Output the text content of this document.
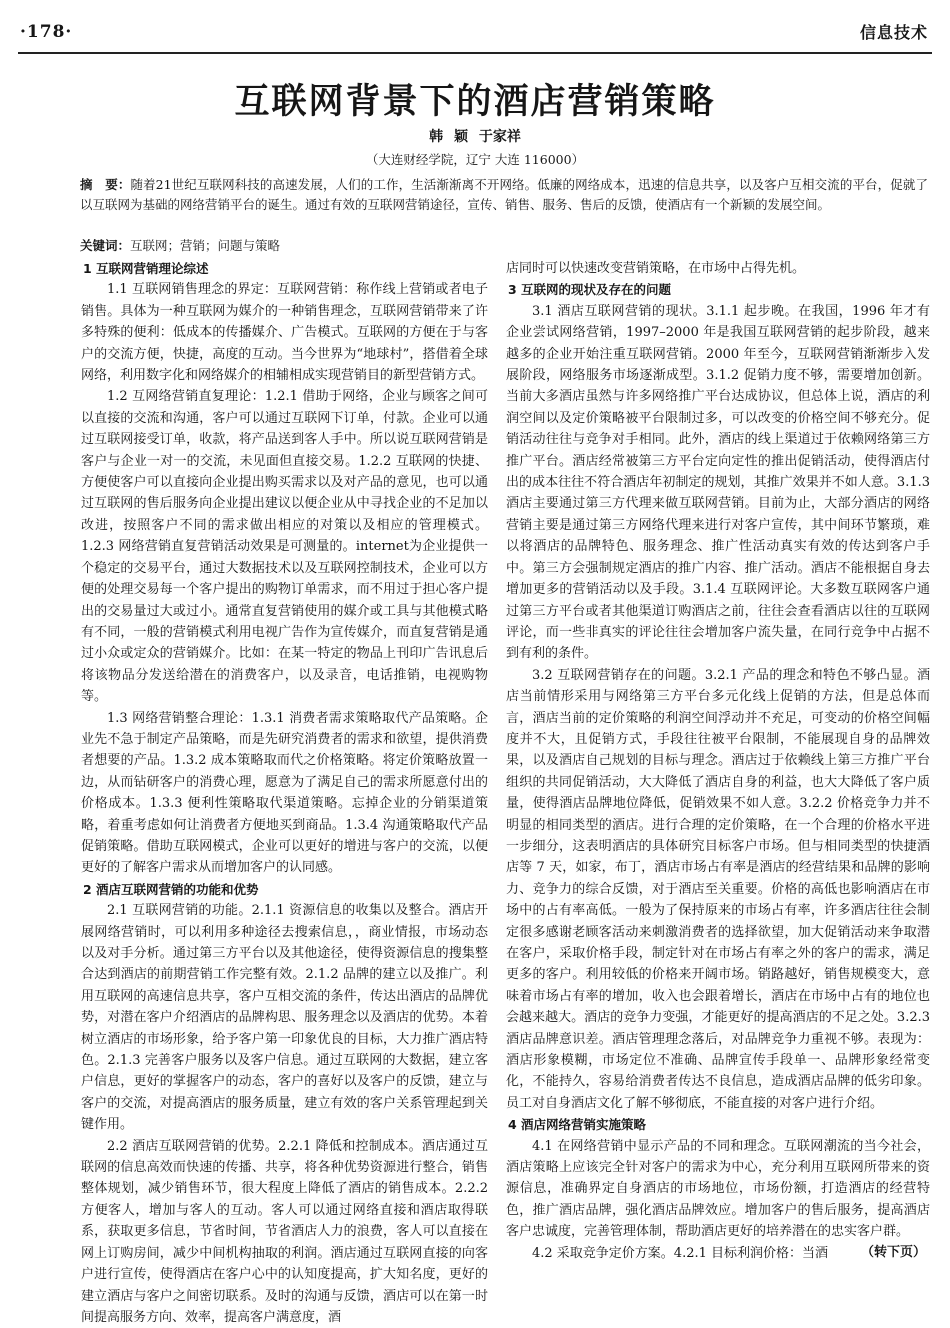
·178·	信息技术
互联网背景下的酒店营销策略
韩 颖 于家祥
（大连财经学院，辽宁 大连 116000）
摘　要：随着21世纪互联网科技的高速发展，人们的工作，生活渐渐离不开网络。低廉的网络成本，迅速的信息共享，以及客户互相交流的平台，促就了以互联网为基础的网络营销平台的诞生。通过有效的互联网营销途径，宣传、销售、服务、售后的反馈，使酒店有一个新颖的发展空间。
关键词：互联网；营销；问题与策略
1 互联网营销理论综述

1.1 互联网销售理念的界定：互联网营销：称作线上营销或者电子销售。具体为一种互联网为媒介的一种销售理念，互联网营销带来了许多特殊的便利：低成本的传播媒介、广告模式。互联网的方便在于与客户的交流方便，快捷，高度的互动。当今世界为“地球村”，搭借着全球网络，利用数字化和网络媒介的相辅相成实现营销目的新型营销方式。

1.2 互网络营销直复理论：1.2.1 借助于网络，企业与顾客之间可以直接的交流和沟通，客户可以通过互联网下订单，付款。企业可以通过互联网接受订单，收款，将产品送到客人手中。所以说互联网营销是客户与企业一对一的交流，未见面但直接交易。1.2.2 互联网的快捷、方便使客户可以直接向企业提出购买需求以及对产品的意见，也可以通过互联网的售后服务向企业提出建议以便企业从中寻找企业的不足加以改进，按照客户不同的需求做出相应的对策以及相应的管理模式。1.2.3 网络营销直复营销活动效果是可测量的。internet为企业提供一个稳定的交易平台，通过大数据技术以及互联网控制技术，企业可以方便的处理交易每一个客户提出的购物订单需求，而不用过于担心客户提出的交易量过大或过小。通常直复营销使用的媒介或工具与其他模式略有不同，一般的营销模式利用电视广告作为宣传媒介，而直复营销是通过小众或定众的营销媒介。比如：在某一特定的物品上刊印广告讯息后将该物品分发送给潜在的消费客户，以及录音，电话推销，电视购物等。

1.3 网络营销整合理论：1.3.1 消费者需求策略取代产品策略。企业先不急于制定产品策略，而是先研究消费者的需求和欲望，提供消费者想要的产品。1.3.2 成本策略取而代之价格策略。将定价策略放置一边，从而钻研客户的消费心理，愿意为了满足自己的需求所愿意付出的价格成本。1.3.3 便利性策略取代渠道策略。忘掉企业的分销渠道策略，着重考虑如何让消费者方便地买到商品。1.3.4 沟通策略取代产品促销策略。借助互联网模式，企业可以更好的增进与客户的交流，以便更好的了解客户需求从而增加客户的认同感。

2 酒店互联网营销的功能和优势

2.1 互联网营销的功能。2.1.1 资源信息的收集以及整合。酒店开展网络营销时，可以利用多种途径去搜索信息，，商业情报，市场动态以及对手分析。通过第三方平台以及其他途径，使得资源信息的搜集整合达到酒店的前期营销工作完整有效。2.1.2 品牌的建立以及推广。利用互联网的高速信息共享，客户互相交流的条件，传达出酒店的品牌优势，对潜在客户介绍酒店的品牌构思、服务理念以及酒店的优势。本着树立酒店的市场形象，给予客户第一印象优良的目标，大力推广酒店特色。2.1.3 完善客户服务以及客户信息。通过互联网的大数据，建立客户信息，更好的掌握客户的动态，客户的喜好以及客户的反馈，建立与客户的交流，对提高酒店的服务质量，建立有效的客户关系管理起到关键作用。

2.2 酒店互联网营销的优势。2.2.1 降低和控制成本。酒店通过互联网的信息高效而快速的传播、共享，将各种优势资源进行整合，销售整体规划，减少销售环节，很大程度上降低了酒店的销售成本。2.2.2 方便客人，增加与客人的互动。客人可以通过网络直接和酒店取得联系，获取更多信息，节省时间，节省酒店人力的浪费，客人可以直接在网上订购房间，减少中间机构抽取的利润。酒店通过互联网直接的向客户进行宣传，使得酒店在客户心中的认知度提高，扩大知名度，更好的建立酒店与客户之间密切联系。及时的沟通与反馈，酒店可以在第一时间提高服务方向、效率，提高客户满意度，酒

店同时可以快速改变营销策略，在市场中占得先机。

3 互联网的现状及存在的问题

3.1 酒店互联网营销的现状。3.1.1 起步晚。在我国，1996 年才有企业尝试网络营销，1997–2000 年是我国互联网营销的起步阶段，越来越多的企业开始注重互联网营销。2000 年至今，互联网营销渐渐步入发展阶段，网络服务市场逐渐成型。3.1.2 促销力度不够，需要增加创新。当前大多酒店虽然与许多网络推广平台达成协议，但总体上说，酒店的利润空间以及定价策略被平台限制过多，可以改变的价格空间不够充分。促销活动往往与竞争对手相同。此外，酒店的线上渠道过于依赖网络第三方推广平台。酒店经常被第三方平台定向定性的推出促销活动，使得酒店付出的成本往往不符合酒店年初制定的规划，其推广效果并不如人意。3.1.3 酒店主要通过第三方代理来做互联网营销。目前为止，大部分酒店的网络营销主要是通过第三方网络代理来进行对客户宣传，其中间环节繁琐，难以将酒店的品牌特色、服务理念、推广性活动真实有效的传达到客户手中。第三方会强制规定酒店的推广内容、推广活动。酒店不能根据自身去增加更多的营销活动以及手段。3.1.4 互联网评论。大多数互联网客户通过第三方平台或者其他渠道订购酒店之前，往往会查看酒店以往的互联网评论，而一些非真实的评论往往会增加客户流失量，在同行竞争中占据不到有利的条件。

3.2 互联网营销存在的问题。3.2.1 产品的理念和特色不够凸显。酒店当前情形采用与网络第三方平台多元化线上促销的方法，但是总体而言，酒店当前的定价策略的利润空间浮动并不充足，可变动的价格空间幅度并不大，且促销方式，手段往往被平台限制，不能展现自身的品牌效果，以及酒店自己规划的目标与理念。酒店过于依赖线上第三方推广平台组织的共同促销活动，大大降低了酒店自身的利益，也大大降低了客户质量，使得酒店品牌地位降低，促销效果不如人意。3.2.2 价格竞争力并不明显的相同类型的酒店。进行合理的定价策略，在一个合理的价格水平进一步细分，这表明酒店的具体研究目标客户市场。但与相同类型的快捷酒店等 7 天，如家，布丁，酒店市场占有率是酒店的经营结果和品牌的影响力、竞争力的综合反馈，对于酒店至关重要。价格的高低也影响酒店在市场中的占有率高低。一般为了保持原来的市场占有率，许多酒店往往会制定很多感谢老顾客活动来刺激消费者的选择欲望，加大促销活动来争取潜在客户，采取价格手段，制定针对在市场占有率之外的客户的需求，满足更多的客户。利用较低的价格来开阔市场。销路越好，销售规模变大，意味着市场占有率的增加，收入也会跟着增长，酒店在市场中占有的地位也会越来越大。酒店的竞争力变强，才能更好的提高酒店的不足之处。3.2.3 酒店品牌意识差。酒店管理理念落后，对品牌竞争力重视不够。表现为：酒店形象模糊，市场定位不准确、品牌宣传手段单一、品牌形象经常变化，不能持久，容易给消费者传达不良信息，造成酒店品牌的低劣印象。员工对自身酒店文化了解不够彻底，不能直接的对客户进行介绍。

4 酒店网络营销实施策略

4.1 在网络营销中显示产品的不同和理念。互联网潮流的当今社会，酒店策略上应该完全针对客户的需求为中心，充分利用互联网所带来的资源信息，准确界定自身酒店的市场地位，市场份额，打造酒店的经营特色，推广酒店品牌，强化酒店品牌效应。增加客户的售后服务，提高酒店客户忠诚度，完善管理体制，帮助酒店更好的培养潜在的忠实客户群。

4.2 采取竞争定价方案。4.2.1 目标利润价格：当酒	（转下页）
